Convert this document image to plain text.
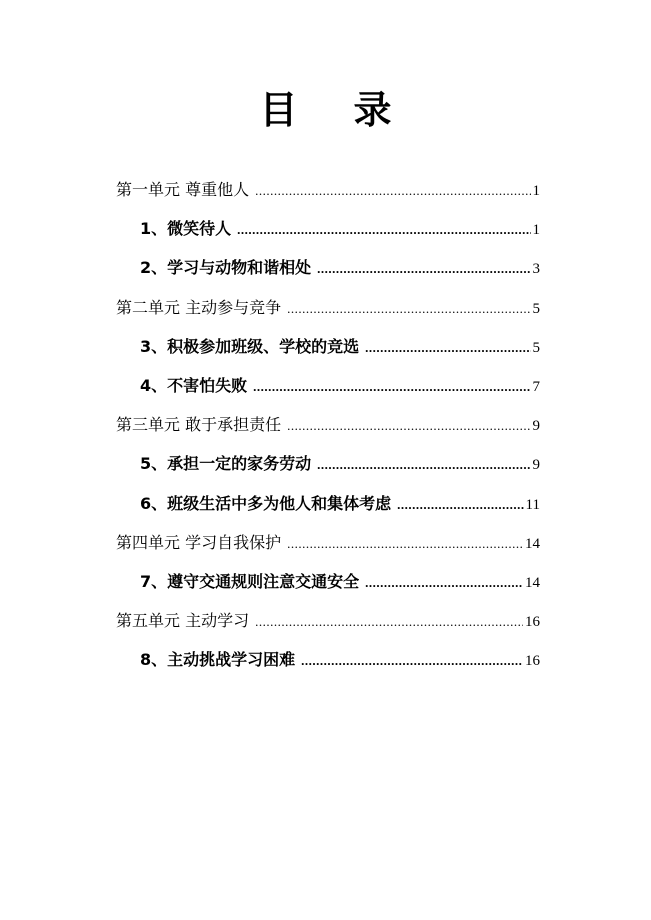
目 录
第一单元 尊重他人 .....	1
1、微笑待人 .....	1
2、学习与动物和谐相处 .....	3
第二单元 主动参与竞争 .....	5
3、积极参加班级、学校的竞选 .....	5
4、不害怕失败 .....	7
第三单元 敢于承担责任 .....	9
5、承担一定的家务劳动 .....	9
6、班级生活中多为他人和集体考虑 .....	11
第四单元 学习自我保护 .....	14
7、遵守交通规则注意交通安全 .....	14
第五单元 主动学习 .....	16
8、主动挑战学习困难 .....	16
